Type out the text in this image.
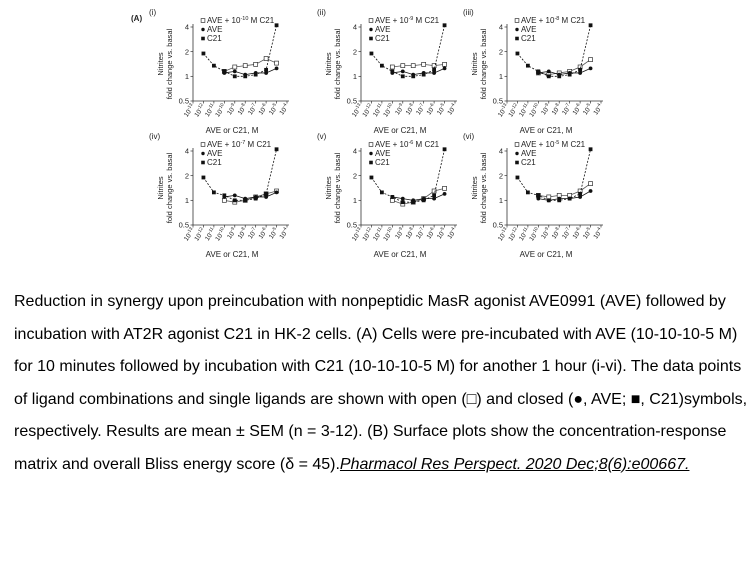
(A)
(i)
0.5
1
2
4
Nitrites fold change vs. basal
$10^{-13}$
$10^{-12}$
$10^{-11}$
$10^{-10}$
$10^{-9}$
$10^{-8}$
$10^{-7}$
$10^{-6}$
$10^{-5}$
$10^{-4}$
AVE or C21, M
AVE + $10^{-10}$ M C21
AVE
C21
(ii)
0.5
1
2
4
Nitrites fold change vs. basal
$10^{-13}$
$10^{-12}$
$10^{-11}$
$10^{-10}$
$10^{-9}$
$10^{-8}$
$10^{-7}$
$10^{-6}$
$10^{-5}$
$10^{-4}$
AVE or C21, M
AVE + $10^{-9}$ M C21
AVE
C21
(iii)
0.5
1
2
4
Nitrites fold change vs. basal
$10^{-13}$
$10^{-12}$
$10^{-11}$
$10^{-10}$
$10^{-9}$
$10^{-8}$
$10^{-7}$
$10^{-6}$
$10^{-5}$
$10^{-4}$
AVE or C21, M
AVE + $10^{-8}$ M C21
AVE
C21
(iv)
0.5
1
2
4
Nitrites fold change vs. basal
$10^{-13}$
$10^{-12}$
$10^{-11}$
$10^{-10}$
$10^{-9}$
$10^{-8}$
$10^{-7}$
$10^{-6}$
$10^{-5}$
$10^{-4}$
AVE or C21, M
AVE + $10^{-7}$ M C21
AVE
C21
(v)
0.5
1
2
4
Nitrites fold change vs. basal
$10^{-13}$
$10^{-12}$
$10^{-11}$
$10^{-10}$
$10^{-9}$
$10^{-8}$
$10^{-7}$
$10^{-6}$
$10^{-5}$
$10^{-4}$
AVE or C21, M
AVE + $10^{-6}$ M C21
AVE
C21
(vi)
0.5
1
2
4
Nitrites fold change vs. basal
$10^{-13}$
$10^{-12}$
$10^{-11}$
$10^{-10}$
$10^{-9}$
$10^{-8}$
$10^{-7}$
$10^{-6}$
$10^{-5}$
$10^{-4}$
AVE or C21, M
AVE + $10^{-5}$ M C21
AVE
C21

Reduction in synergy upon preincubation with nonpeptidic MasR agonist AVE0991 (AVE) followed by incubation with AT2R agonist C21 in HK-2 cells. (A) Cells were pre-incubated with AVE (10-10-10-5 M) for 10 minutes followed by incubation with C21 (10-10-10-5 M) for another 1 hour (i-vi). The data points of ligand combinations and single ligands are shown with open (□) and closed (●, AVE; ■, C21)symbols, respectively. Results are mean ± SEM (n = 3-12). (B) Surface plots show the concentration-response matrix and overall Bliss energy score (δ = 45).Pharmacol Res Perspect. 2020 Dec;8(6):e00667.
